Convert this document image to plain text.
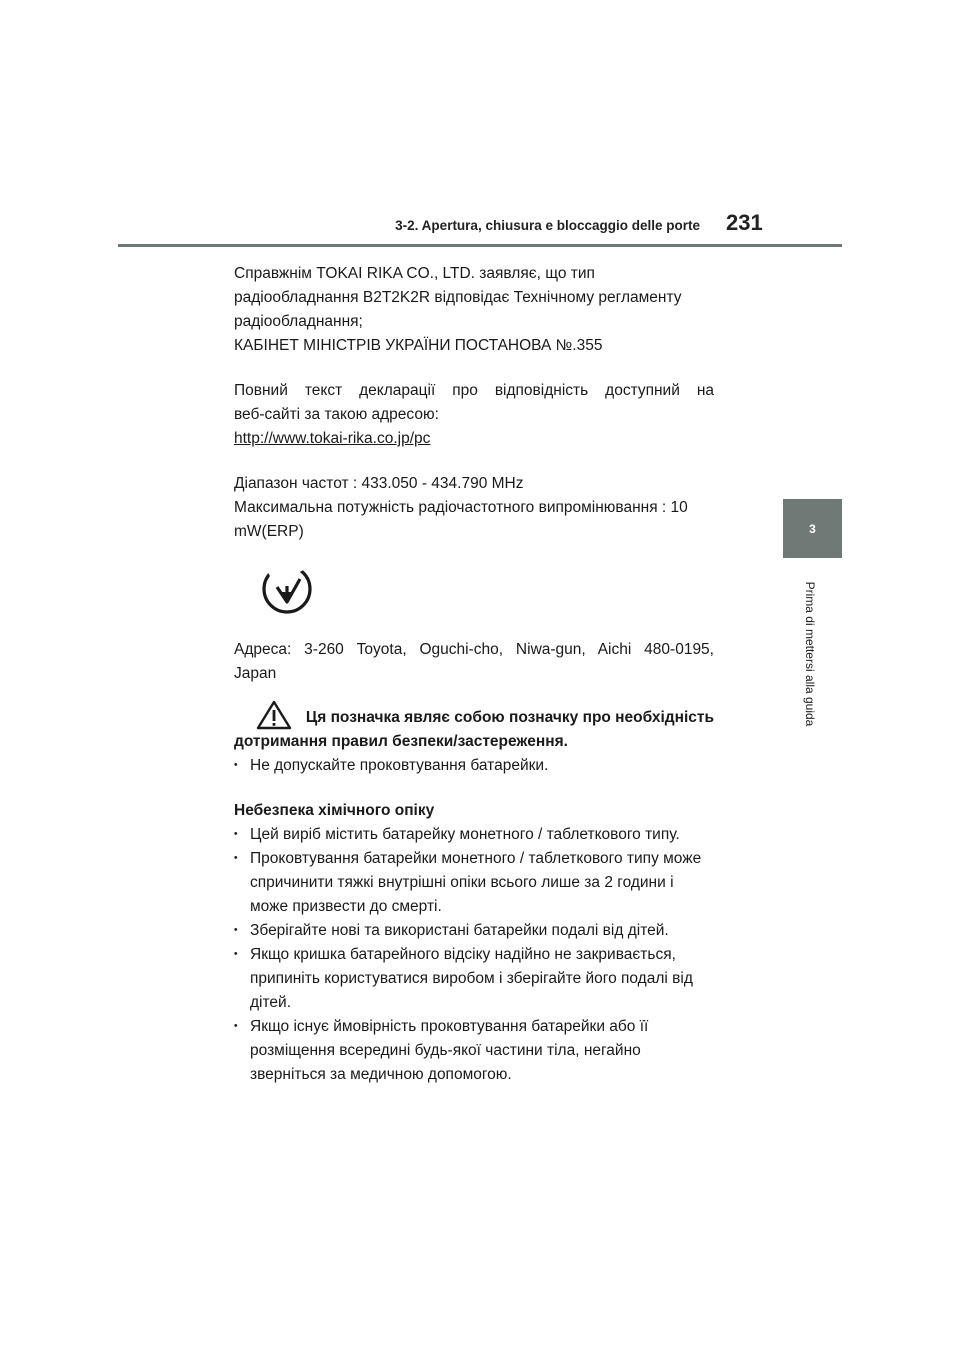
3-2. Apertura, chiusura e bloccaggio delle porte 231
3
Prima di mettersi alla guida

Справжнім TOKAI RIKA CO., LTD. заявляє, що тип

радіообладнання B2T2K2R відповідає Технічному регламенту

радіообладнання;

КАБІНЕТ МІНІСТРІВ УКРАЇНИ ПОСТАНОВА №.355

Повний текст декларації про відповідність доступний на

веб-сайті за такою адресою:

http://www.tokai-rika.co.jp/pc

Діапазон частот : 433.050 - 434.790 MHz

Максимальна потужність радіочастотного випромінювання : 10

mW(ERP)

Адреса: 3-260 Toyota, Oguchi-cho, Niwa-gun, Aichi 480-0195,

Japan

Ця позначка являє собою позначку про необхідність

дотримання правил безпеки/застереження.

・ Не допускайте проковтування батарейки.

Небезпека хімічного опіку

・ Цей виріб містить батарейку монетного / таблеткового типу.
・ Проковтування батарейки монетного / таблеткового типу може спричинити тяжкі внутрішні опіки всього лише за 2 години і може призвести до смерті.
・ Зберігайте нові та використані батарейки подалі від дітей.
・ Якщо кришка батарейного відсіку надійно не закривається, припиніть користуватися виробом і зберігайте його подалі від дітей.
・ Якщо існує ймовірність проковтування батарейки або її розміщення всередині будь-якої частини тіла, негайно зверніться за медичною допомогою.
